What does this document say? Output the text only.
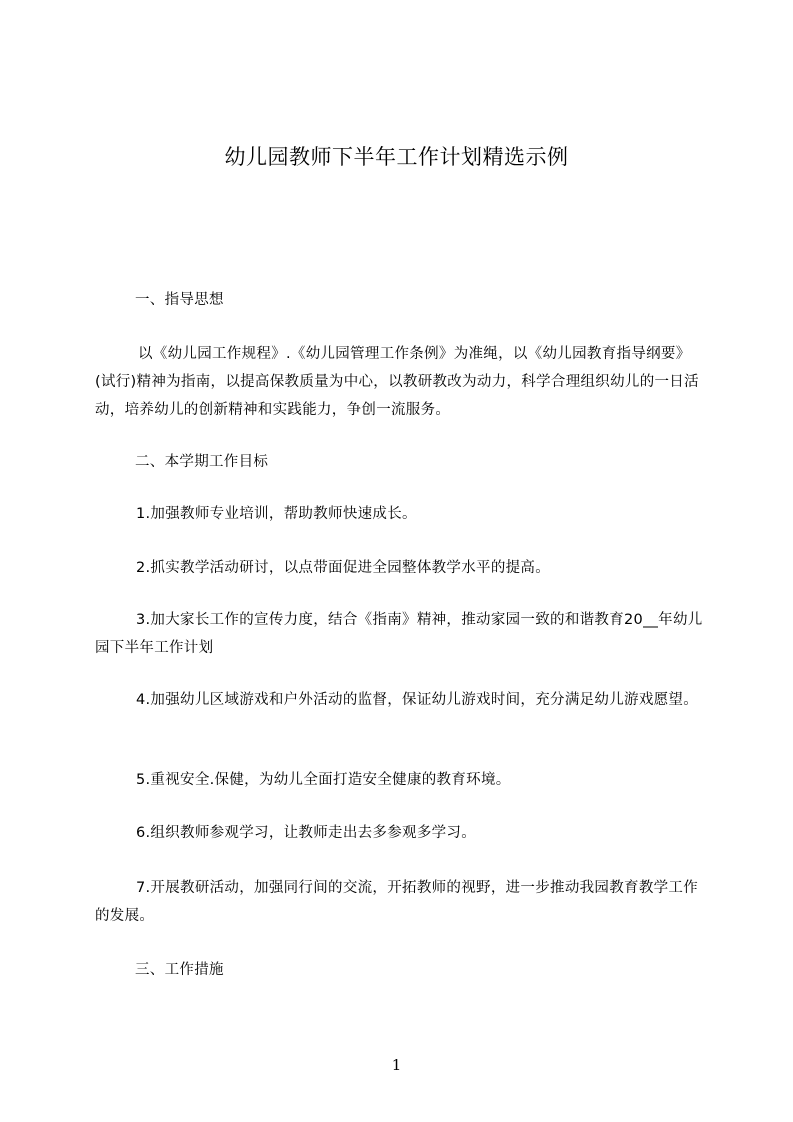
幼儿园教师下半年工作计划精选示例
一、指导思想
以《幼儿园工作规程》.《幼儿园管理工作条例》为准绳，以《幼儿园教育指导纲要》(试行)精神为指南，以提高保教质量为中心，以教研教改为动力，科学合理组织幼儿的一日活动，培养幼儿的创新精神和实践能力，争创一流服务。
二、本学期工作目标
1.加强教师专业培训，帮助教师快速成长。
2.抓实教学活动研讨，以点带面促进全园整体教学水平的提高。
3.加大家长工作的宣传力度，结合《指南》精神，推动家园一致的和谐教育20__年幼儿园下半年工作计划
4.加强幼儿区域游戏和户外活动的监督，保证幼儿游戏时间，充分满足幼儿游戏愿望。
5.重视安全.保健，为幼儿全面打造安全健康的教育环境。
6.组织教师参观学习，让教师走出去多参观多学习。
7.开展教研活动，加强同行间的交流，开拓教师的视野，进一步推动我园教育教学工作的发展。
三、工作措施
1
